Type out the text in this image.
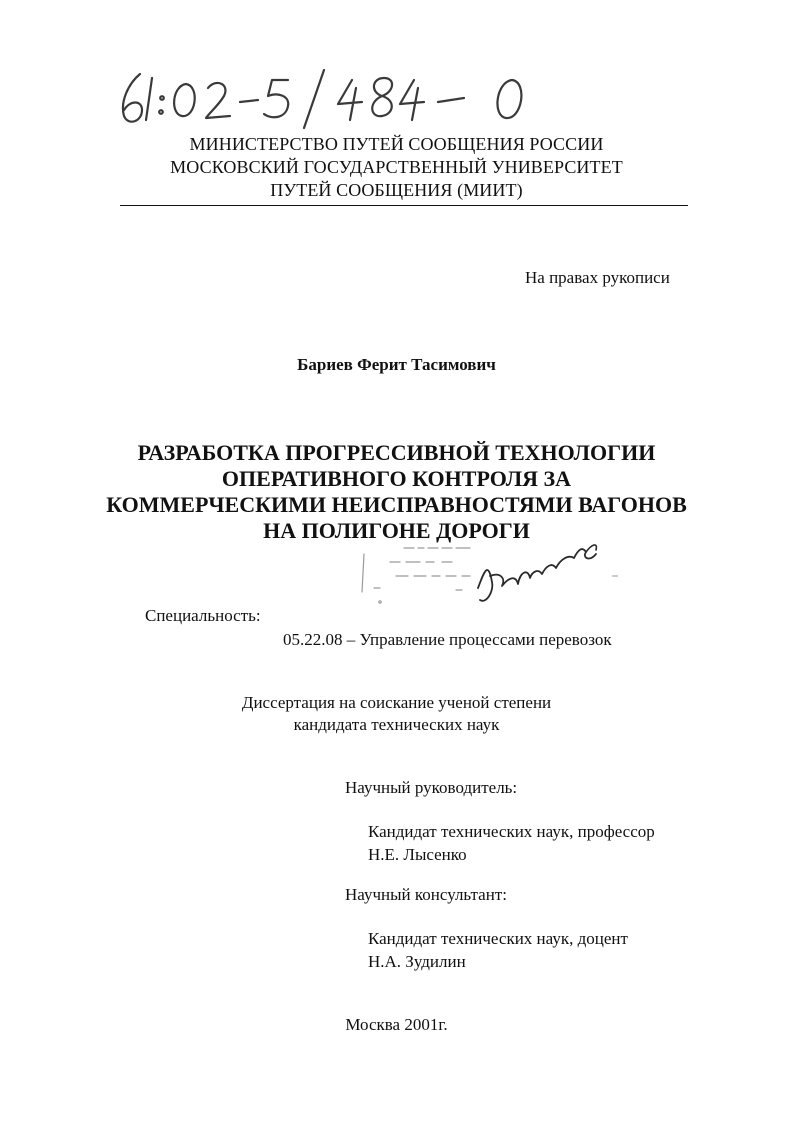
МИНИСТЕРСТВО ПУТЕЙ СООБЩЕНИЯ РОССИИ
МОСКОВСКИЙ ГОСУДАРСТВЕННЫЙ УНИВЕРСИТЕТ
ПУТЕЙ СООБЩЕНИЯ (МИИТ)
На правах рукописи
Бариев Ферит Тасимович
РАЗРАБОТКА ПРОГРЕССИВНОЙ ТЕХНОЛОГИИ
ОПЕРАТИВНОГО КОНТРОЛЯ ЗА
КОММЕРЧЕСКИМИ НЕИСПРАВНОСТЯМИ ВАГОНОВ
НА ПОЛИГОНЕ ДОРОГИ
Специальность:
05.22.08 – Управление процессами перевозок
Диссертация на соискание ученой степени
кандидата технических наук
Научный руководитель:
Кандидат технических наук, профессор
Н.Е. Лысенко
Научный консультант:
Кандидат технических наук, доцент
Н.А. Зудилин
Москва 2001г.
